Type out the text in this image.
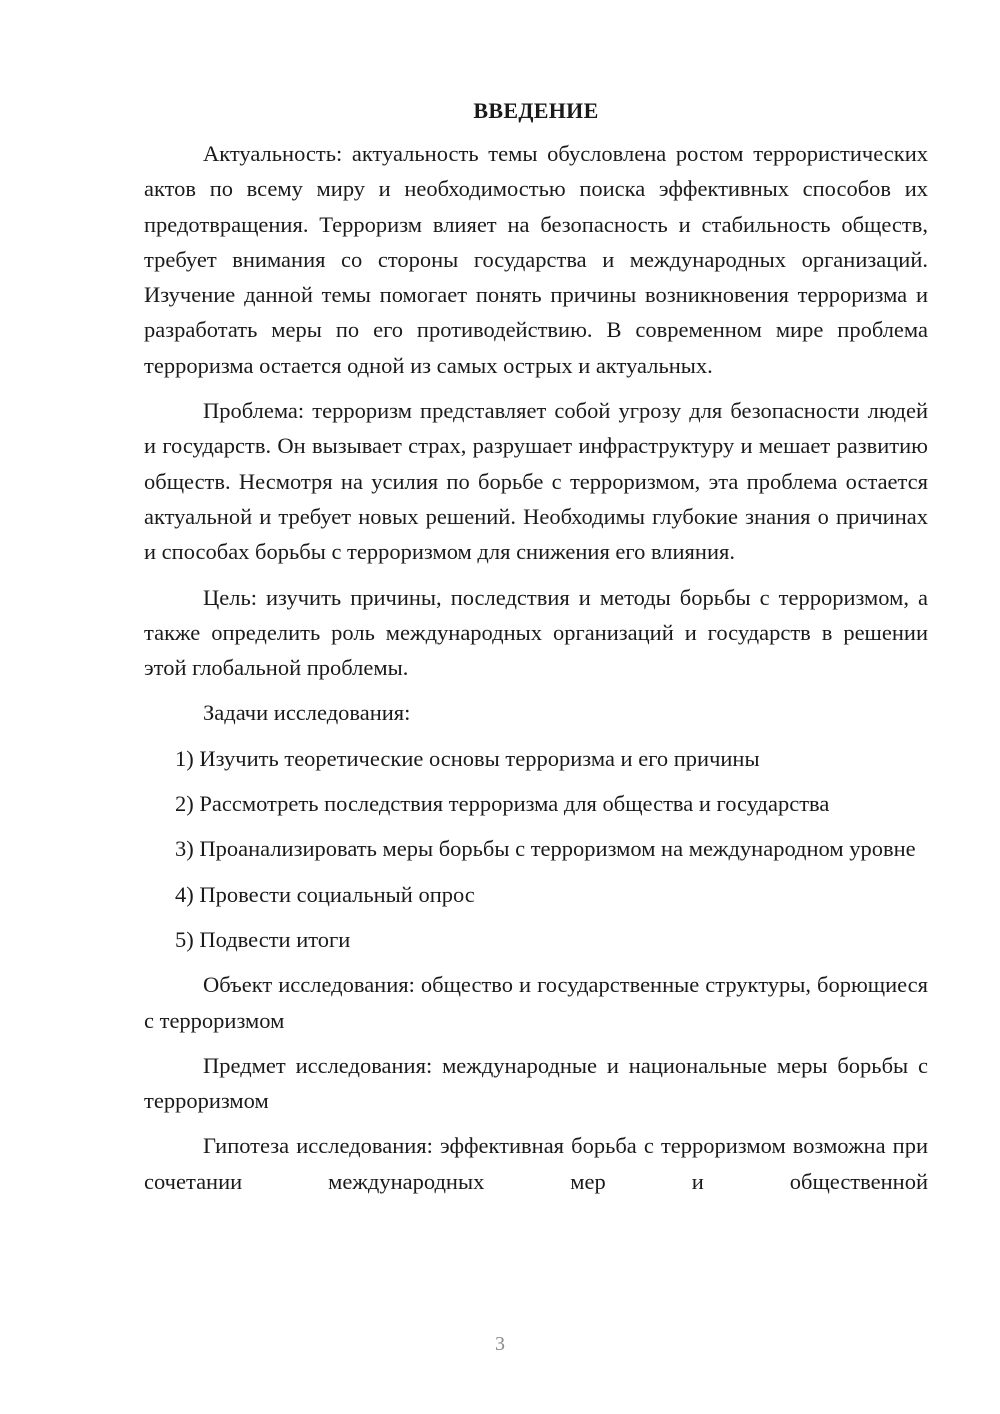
ВВЕДЕНИЕ

Актуальность: актуальность темы обусловлена ростом террористических актов по всему миру и необходимостью поиска эффективных способов их предотвращения. Терроризм влияет на безопасность и стабильность обществ, требует внимания со стороны государства и международных организаций. Изучение данной темы помогает понять причины возникновения терроризма и разработать меры по его противодействию. В современном мире проблема терроризма остается одной из самых острых и актуальных.

Проблема: терроризм представляет собой угрозу для безопасности людей и государств. Он вызывает страх, разрушает инфраструктуру и мешает развитию обществ. Несмотря на усилия по борьбе с терроризмом, эта проблема остается актуальной и требует новых решений. Необходимы глубокие знания о причинах и способах борьбы с терроризмом для снижения его влияния.

Цель: изучить причины, последствия и методы борьбы с терроризмом, а также определить роль международных организаций и государств в решении этой глобальной проблемы.

Задачи исследования:

1) Изучить теоретические основы терроризма и его причины

2) Рассмотреть последствия терроризма для общества и государства

3) Проанализировать меры борьбы с терроризмом на международном уровне

4) Провести социальный опрос

5) Подвести итоги

Объект исследования: общество и государственные структуры, борющиеся с терроризмом

Предмет исследования: международные и национальные меры борьбы с терроризмом

Гипотеза исследования: эффективная борьба с терроризмом возможна при сочетании международных мер и общественной

3
